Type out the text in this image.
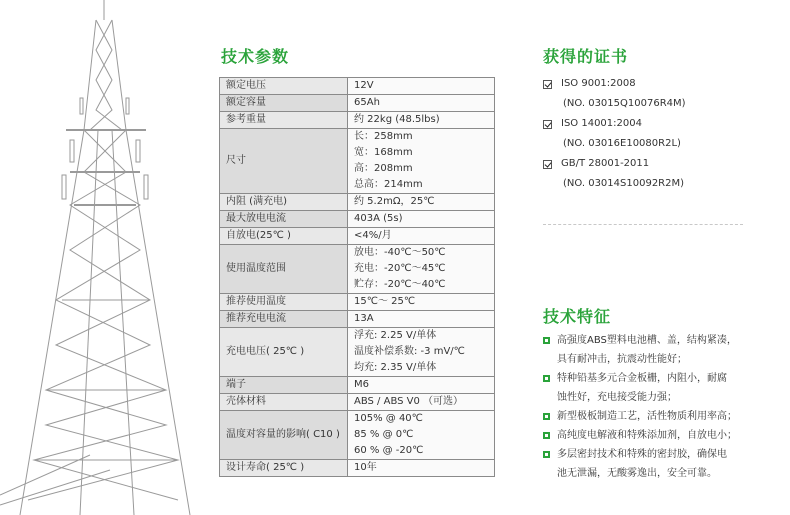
技术参数
额定电压	12V

额定容量	65Ah

参考重量	约 22kg (48.5lbs)

尺寸	长：258mm
宽：168mm
高：208mm
总高：214mm

内阻 (满充电)	约 5.2mΩ，25℃

最大放电电流	403A (5s)

自放电(25℃ )	<4%/月

使用温度范围	放电：-40℃～50℃
充电：-20℃～45℃
贮存：-20℃～40℃

推荐使用温度	15℃～ 25℃

推荐充电电流	13A

充电电压( 25℃ )	浮充: 2.25 V/单体
温度补偿系数: -3 mV/℃
均充: 2.35 V/单体

端子	M6

壳体材料	ABS / ABS V0 （可选）

温度对容量的影响( C10 )	105% @ 40℃
85 % @ 0℃
60 % @ -20℃

设计寿命( 25℃ )	10年
获得的证书
ISO 9001:2008
(NO. 03015Q10076R4M)
ISO 14001:2004
(NO. 03016E10080R2L)
GB/T 28001-2011
(NO. 03014S10092R2M)
技术特征
高强度ABS塑料电池槽、盖，结构紧凑，
具有耐冲击，抗震动性能好；
特种铅基多元合金板栅，内阻小，耐腐
蚀性好，充电接受能力强；
新型极板制造工艺，活性物质利用率高；
高纯度电解液和特殊添加剂，自放电小；
多层密封技术和特殊的密封胶，确保电
池无泄漏，无酸雾逸出，安全可靠。
